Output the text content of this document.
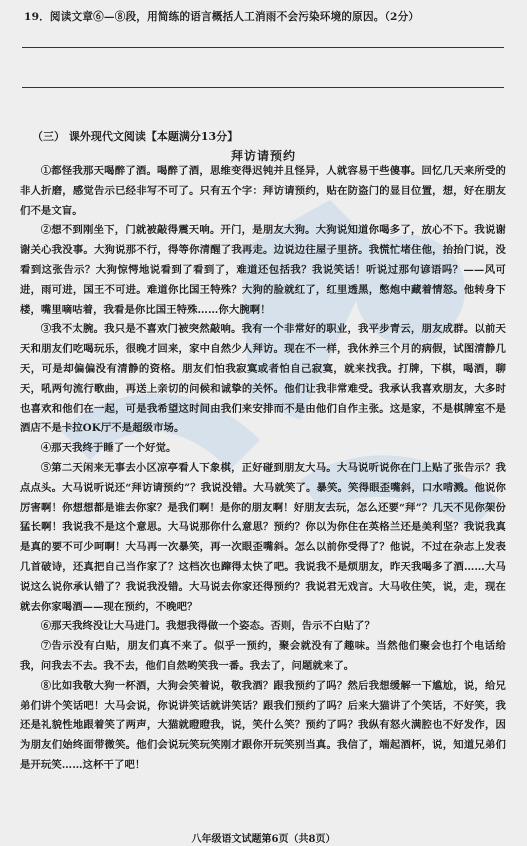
19．阅读文章⑥—⑧段，用简练的语言概括人工消雨不会污染环境的原因。（2分）
（三） 课外现代文阅读【本题满分13分】
拜访请预约

①都怪我那天喝醉了酒。喝醉了酒，思维变得迟钝并且怪异，人就容易干些傻事。回忆几天来所受的非人折磨，感觉告示已经非写不可了。只有五个字：拜访请预约，贴在防盗门的显目位置，想，好在朋友们不是文盲。

②想不到刚坐下，门就被敲得震天响。开门，是朋友大狗。大狗说知道你喝多了，放心不下。我说谢谢关心我没事。大狗说那不行，得等你清醒了我再走。边说边往屋子里挤。我慌忙堵住他，抬抬门说，没看到这张告示？大狗惊愕地说看到了看到了，难道还包括我？我说笑话！听说过那句谚语吗？——风可进，雨可进，国王不可进。难道你比国王特殊？大狗的脸就红了，红里透黑，憋炮中藏着情怒。他转身下楼，嘴里嘀咕着，我看是你比国王特殊……你大腕啊！

③我不太腕。我只是不喜欢门被突然敲响。我有一个非常好的职业，我平步青云，朋友成群。以前天天和朋友们吃喝玩乐，很晚才回来，家中自然少人拜访。现在不一样，我休养三个月的病假，试图清静几天，可是却偏偏没有清静的资格。朋友们怕我寂寞或者怕自己寂寞，就来找我。打牌，下棋，喝酒，聊天，吼两句流行歌曲，再送上亲切的问候和诚挚的关怀。他们让我非常难受。我承认我喜欢朋友，大多时也喜欢和他们在一起，可是我希望这时间由我们来安排而不是由他们自作主张。这是家，不是棋牌室不是酒店不是卡拉OK厅不是超级市场。

④那天我终于睡了一个好觉。

⑤第二天闲来无事去小区凉亭看人下象棋，正好碰到朋友大马。大马说听说你在门上贴了张告示？我点点头。大马说听说还“拜访请预约”？我说没错。大马就笑了。暴笑。笑得眼歪嘴斜，口水啃溅。他说你厉害啊！你想想都是谁去你家？是我们啊！是你的朋友啊！好朋友去玩，怎么还要“拜”？几天不见你架份猛长啊！我说我不是这个意思。大马说那你什么意思？预约？你以为你住在英格兰还是美利坚？我说我真是真的要不可少呵啊！大马再一次暴笑，再一次眼歪嘴斜。怎么以前你受得了？他说，不过在杂志上发表几首破诗，还真把自己当作家了？这档次也蹿得太快了吧。我说我不是烦朋友，昨天我喝多了酒……大马说这么说你承认错了？我说我没错。大马说去你家还得预约？我说君无戏言。大马收住笑，说，走，现在就去你家喝酒——现在预约，不晚吧？

⑥那天我终没让大马进门。我想我得做一个姿态。否则，告示不白贴了？

⑦告示没有白贴，朋友们真不来了。似乎一预约，聚会就没有了趣味。当然他们聚会也打个电话给我，问我去不去。我不去，他们自然哟笑我一番。我去了，问题就来了。

⑧比如我敬大狗一杯酒，大狗会笑着说，敬我酒？跟我预约了吗？然后我想缓解一下尴尬，说，给兄弟们讲个笑话吧！大马会说，你说讲笑话就讲笑话？跟我们预约了吗？后来大猫讲了个笑话，不好笑，我还是礼貌性地跟着笑了两声，大猫就瞪瞪我，说，笑什么笑？预约了吗？我纵有怒火满腔也不好发作，因为朋友们始终面带微笑。他们会说玩笑玩笑刚才跟你开玩笑别当真。我信了，端起酒杯，说，知道兄弟们是开玩笑……这杯干了吧！

八年级语文试题第6页（共8页）
